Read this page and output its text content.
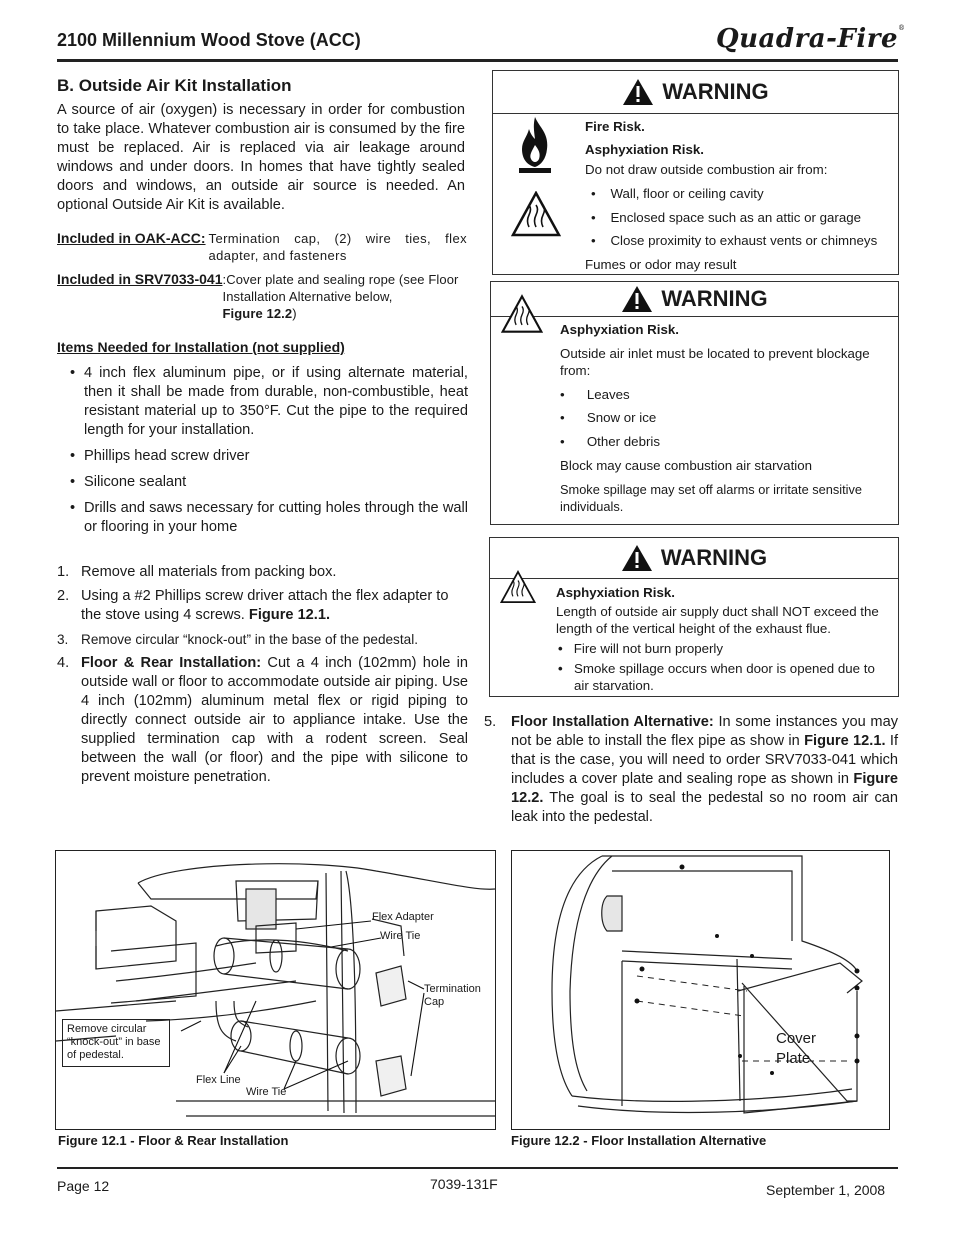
2100 Millennium Wood Stove (ACC)	Quadra-Fire®
B. Outside Air Kit Installation
A source of air (oxygen) is necessary in order for combustion to take place. Whatever combustion air is consumed by the fire must be replaced. Air is replaced via air leakage around windows and under doors. In homes that have tightly sealed doors and windows, an outside air source is needed. An optional Outside Air Kit is available.
Included in OAK-ACC: Termination cap, (2) wire ties, flex adapter, and fasteners
Included in SRV7033-041 :Cover plate and sealing rope (see Floor Installation Alternative below,
Figure 12.2)
Items Needed for Installation (not supplied)
• 4 inch flex aluminum pipe, or if using alternate material, then it shall be made from durable, non-combustible, heat resistant material up to 350°F. Cut the pipe to the required length for your installation.
• Phillips head screw driver
• Silicone sealant
• Drills and saws necessary for cutting holes through the wall or flooring in your home
1. Remove all materials from packing box.
2. Using a #2 Phillips screw driver attach the flex adapter to the stove using 4 screws. Figure 12.1.
3. Remove circular “knock-out” in the base of the pedestal.
4. Floor & Rear Installation: Cut a 4 inch (102mm) hole in outside wall or floor to accommodate outside air piping. Use 4 inch (102mm) aluminum metal flex or rigid piping to directly connect outside air to appliance intake. Use the supplied termination cap with a rodent screen. Seal between the wall (or floor) and the pipe with silicone to prevent moisture penetration.
WARNING
Fire Risk.
Asphyxiation Risk.
Do not draw outside combustion air from:
•    Wall, floor or ceiling cavity
•    Enclosed space such as an attic or garage
•    Close proximity to exhaust vents or chimneys
Fumes or odor may result
WARNING
Asphyxiation Risk.
Outside air inlet must be located to prevent blockage from:
•      Leaves
•      Snow or ice
•      Other debris
Block may cause combustion air starvation
Smoke spillage may set off alarms or irritate sensitive individuals.
WARNING
Asphyxiation Risk.
Length of outside air supply duct shall NOT exceed the length of the vertical height of the exhaust flue.
• Fire will not burn properly
• Smoke spillage occurs when door is opened due to air starvation.
5.	Floor Installation Alternative: In some instances you may not be able to install the flex pipe as show in Figure 12.1. If that is the case, you will need to order SRV7033-041 which includes a cover plate and sealing rope as shown in Figure 12.2. The goal is to seal the pedestal so no room air can leak into the pedestal.
Flex Adapter
Wire Tie
Termination Cap
Remove circular “knock-out” in base of pedestal.
Flex Line
Wire Tie
Figure 12.1 - Floor & Rear Installation
Cover Plate
Figure 12.2 - Floor Installation Alternative
Page 12	7039-131F	September 1, 2008
